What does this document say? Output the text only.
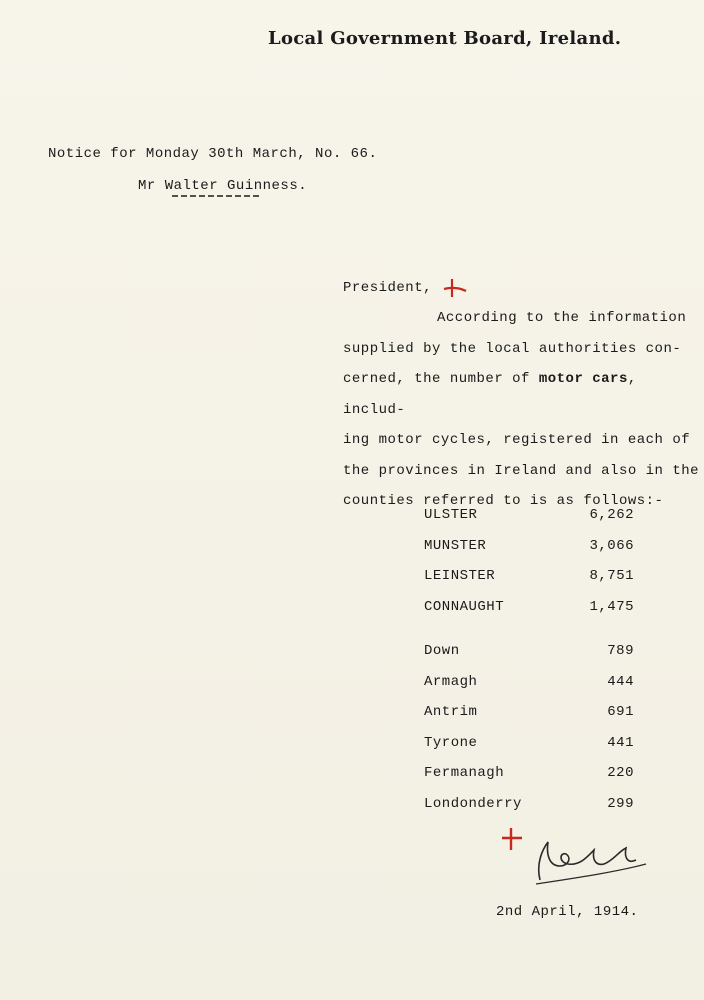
Local Government Board, Ireland.
Notice for Monday 30th March, No. 66.
Mr Walter Guinness.
President,
According to the information
supplied by the local authorities con-
cerned, the number of motor cars, includ-
ing motor cycles, registered in each of
the provinces in Ireland and also in the
counties referred to is as follows:-
ULSTER	6,262
MUNSTER	3,066
LEINSTER	8,751
CONNAUGHT	1,475
Down	789
Armagh	444
Antrim	691
Tyrone	441
Fermanagh	220
Londonderry	299
2nd April, 1914.
